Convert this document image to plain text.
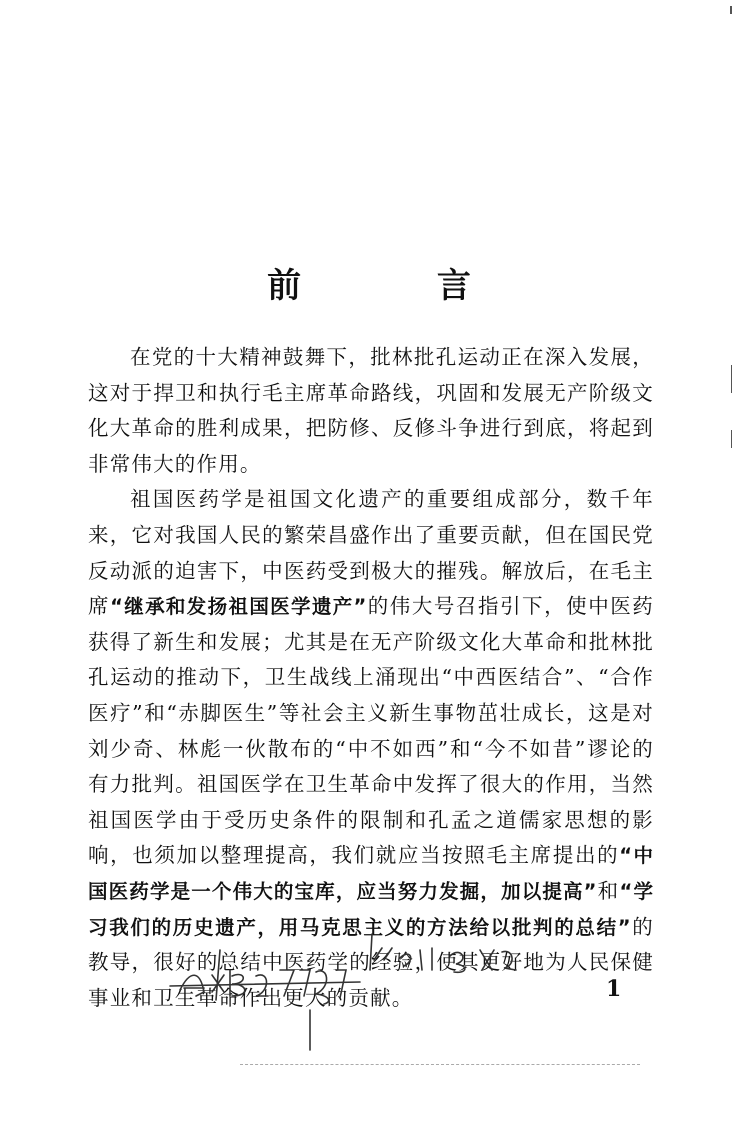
前 言

在党的十大精神鼓舞下，批林批孔运动正在深入发展，这对于捍卫和执行毛主席革命路线，巩固和发展无产阶级文化大革命的胜利成果，把防修、反修斗争进行到底，将起到非常伟大的作用。

祖国医药学是祖国文化遗产的重要组成部分，数千年来，它对我国人民的繁荣昌盛作出了重要贡献，但在国民党反动派的迫害下，中医药受到极大的摧残。解放后，在毛主席“继承和发扬祖国医学遗产”的伟大号召指引下，使中医药获得了新生和发展；尤其是在无产阶级文化大革命和批林批孔运动的推动下，卫生战线上涌现出“中西医结合”、“合作医疗”和“赤脚医生”等社会主义新生事物茁壮成长，这是对刘少奇、林彪一伙散布的“中不如西”和“今不如昔”谬论的有力批判。祖国医学在卫生革命中发挥了很大的作用，当然祖国医学由于受历史条件的限制和孔孟之道儒家思想的影响，也须加以整理提高，我们就应当按照毛主席提出的“中国医药学是一个伟大的宝库，应当努力发掘，加以提高”和“学习我们的历史遗产，用马克思主义的方法给以批判的总结”的教导，很好的总结中医药学的经验，使其更好地为人民保健事业和卫生革命作出更大的贡献。	1
